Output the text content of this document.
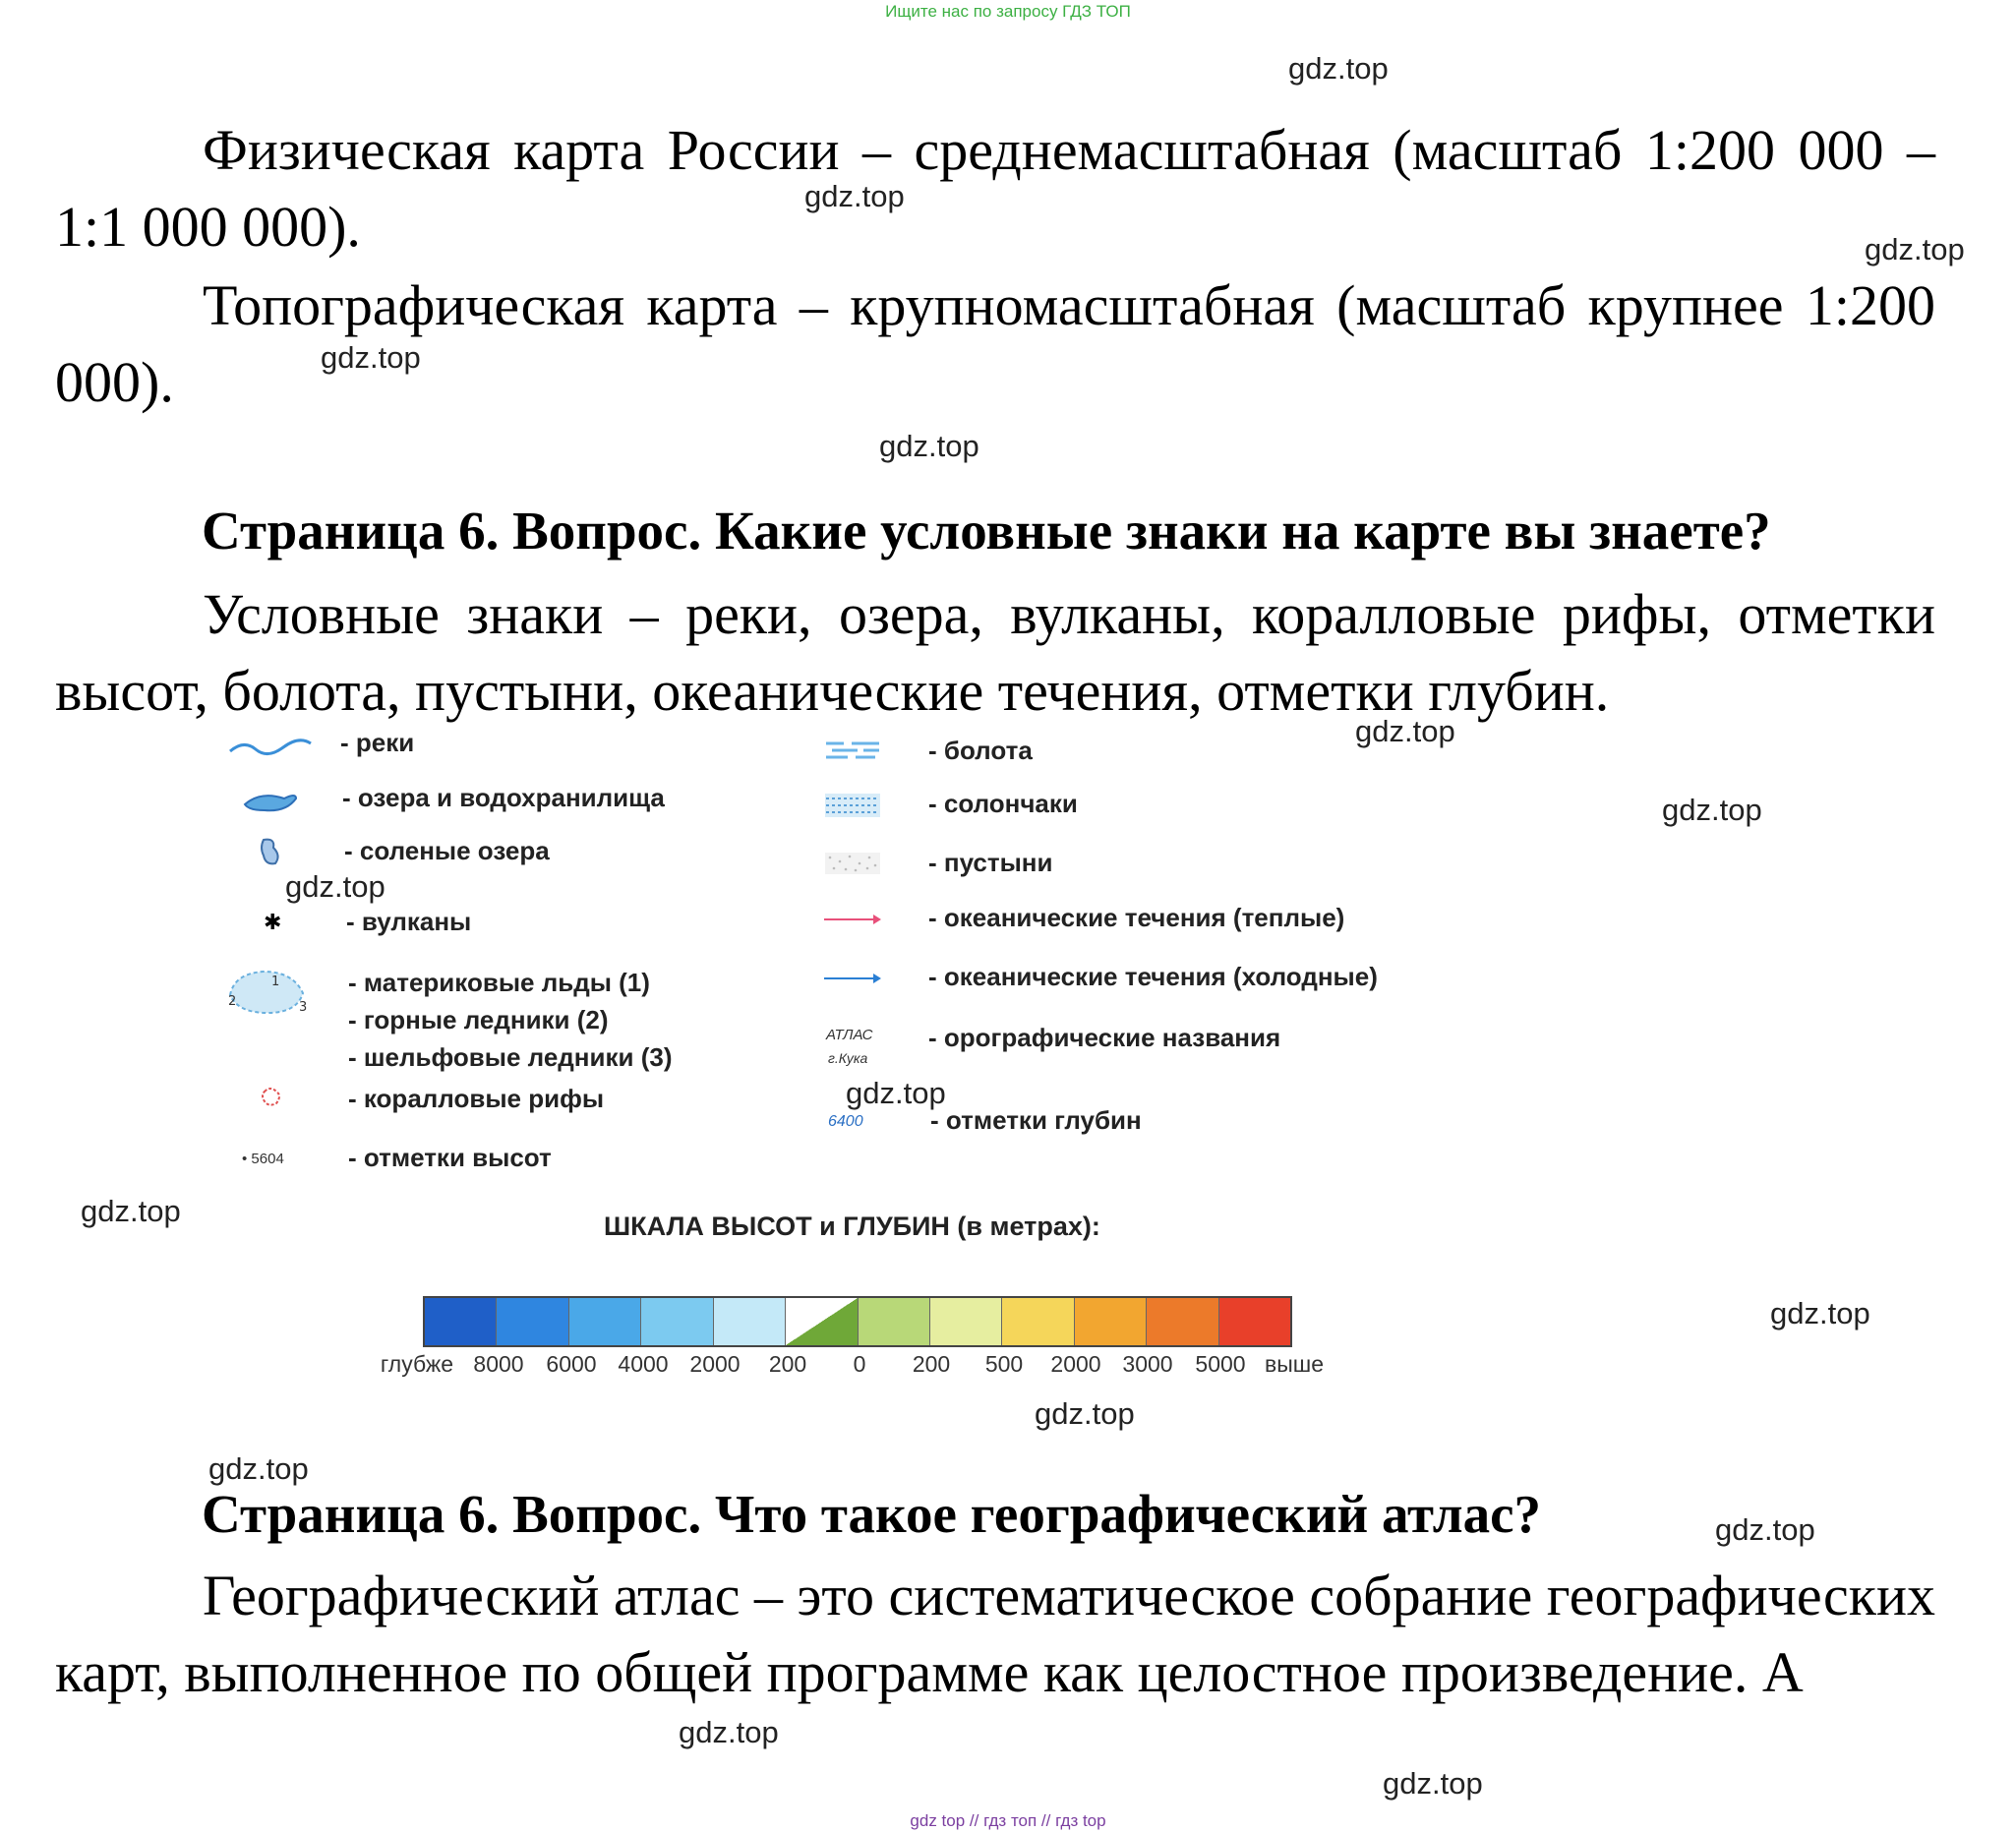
Ищите нас по запросу ГДЗ ТОП
gdz.top
gdz.top
gdz.top
gdz.top
gdz.top
gdz.top
gdz.top
gdz.top
gdz.top
gdz.top
gdz.top
gdz.top
gdz.top
gdz.top
gdz.top
gdz.top
Физическая карта России – среднемасштабная (масштаб 1:200 000 – 1:1 000 000).
Топографическая карта – крупномасштабная (масштаб крупнее 1:200 000).
Страница 6. Вопрос. Какие условные знаки на карте вы знаете?
Условные знаки – реки, озера, вулканы, коралловые рифы, отметки высот, болота, пустыни, океанические течения, отметки глубин.
✱
1
2	3
• 5604
- реки
- озера и водохранилища
- соленые озера
- вулканы
- материковые льды (1)
- горные ледники (2)
- шельфовые ледники (3)
- коралловые рифы
- отметки высот
АТЛАС
г.Кука
6400
- болота
- солончаки
- пустыни
- океанические течения (теплые)
- океанические течения (холодные)
- орографические названия
- отметки глубин
ШКАЛА ВЫСОТ и ГЛУБИН (в метрах):
глубже 8000 6000 4000 2000 200 0 200 500 2000 3000 5000 выше
Страница 6. Вопрос. Что такое географический атлас?
Географический атлас – это систематическое собрание географических карт, выполненное по общей программе как целостное произведение. А
gdz top // гдз топ // гдз top
